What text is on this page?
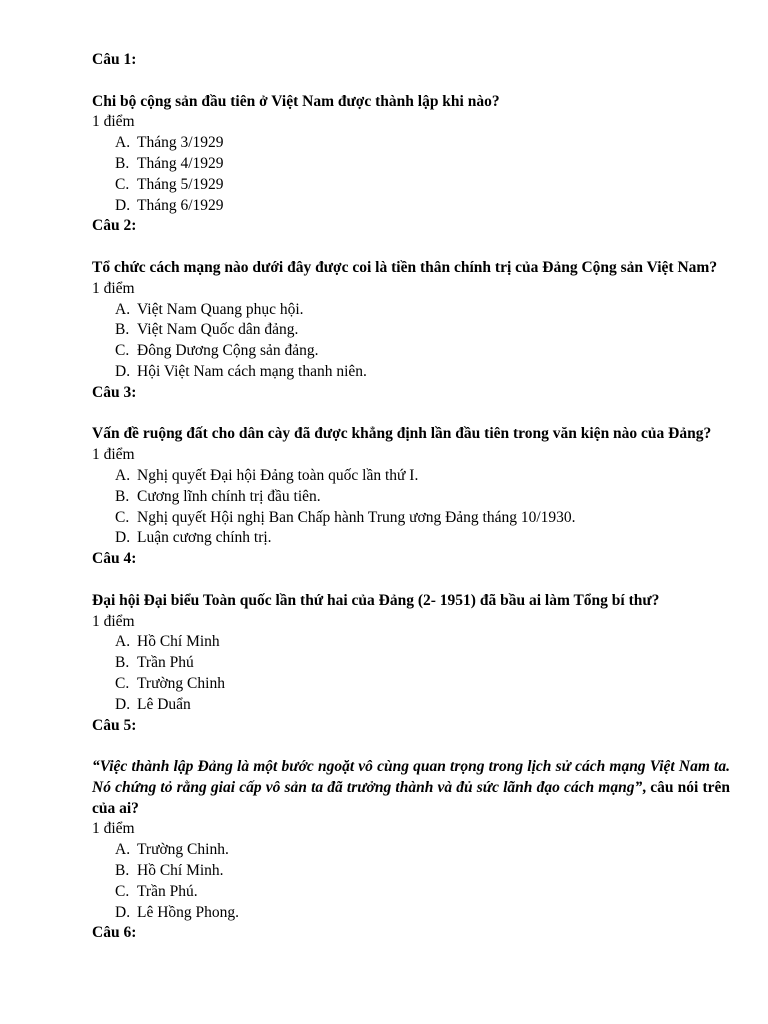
Câu 1:
Chi bộ cộng sản đầu tiên ở Việt Nam được thành lập khi nào?
1 điểm
A. Tháng 3/1929
B. Tháng 4/1929
C. Tháng 5/1929
D. Tháng 6/1929
Câu 2:
Tổ chức cách mạng nào dưới đây được coi là tiền thân chính trị của Đảng Cộng sản Việt Nam?
1 điểm
A. Việt Nam Quang phục hội.
B. Việt Nam Quốc dân đảng.
C. Đông Dương Cộng sản đảng.
D. Hội Việt Nam cách mạng thanh niên.
Câu 3:
Vấn đề ruộng đất cho dân cày đã được khẳng định lần đầu tiên trong văn kiện nào của Đảng?
1 điểm
A. Nghị quyết Đại hội Đảng toàn quốc lần thứ I.
B. Cương lĩnh chính trị đầu tiên.
C. Nghị quyết Hội nghị Ban Chấp hành Trung ương Đảng tháng 10/1930.
D. Luận cương chính trị.
Câu 4:
Đại hội Đại biểu Toàn quốc lần thứ hai của Đảng (2- 1951) đã bầu ai làm Tổng bí thư?
1 điểm
A. Hồ Chí Minh
B. Trần Phú
C. Trường Chinh
D. Lê Duẩn
Câu 5:
“Việc thành lập Đảng là một bước ngoặt vô cùng quan trọng trong lịch sử cách mạng Việt Nam ta. Nó chứng tỏ rằng giai cấp vô sản ta đã trưởng thành và đủ sức lãnh đạo cách mạng”, câu nói trên của ai?
1 điểm
A. Trường Chinh.
B. Hồ Chí Minh.
C. Trần Phú.
D. Lê Hồng Phong.
Câu 6:
